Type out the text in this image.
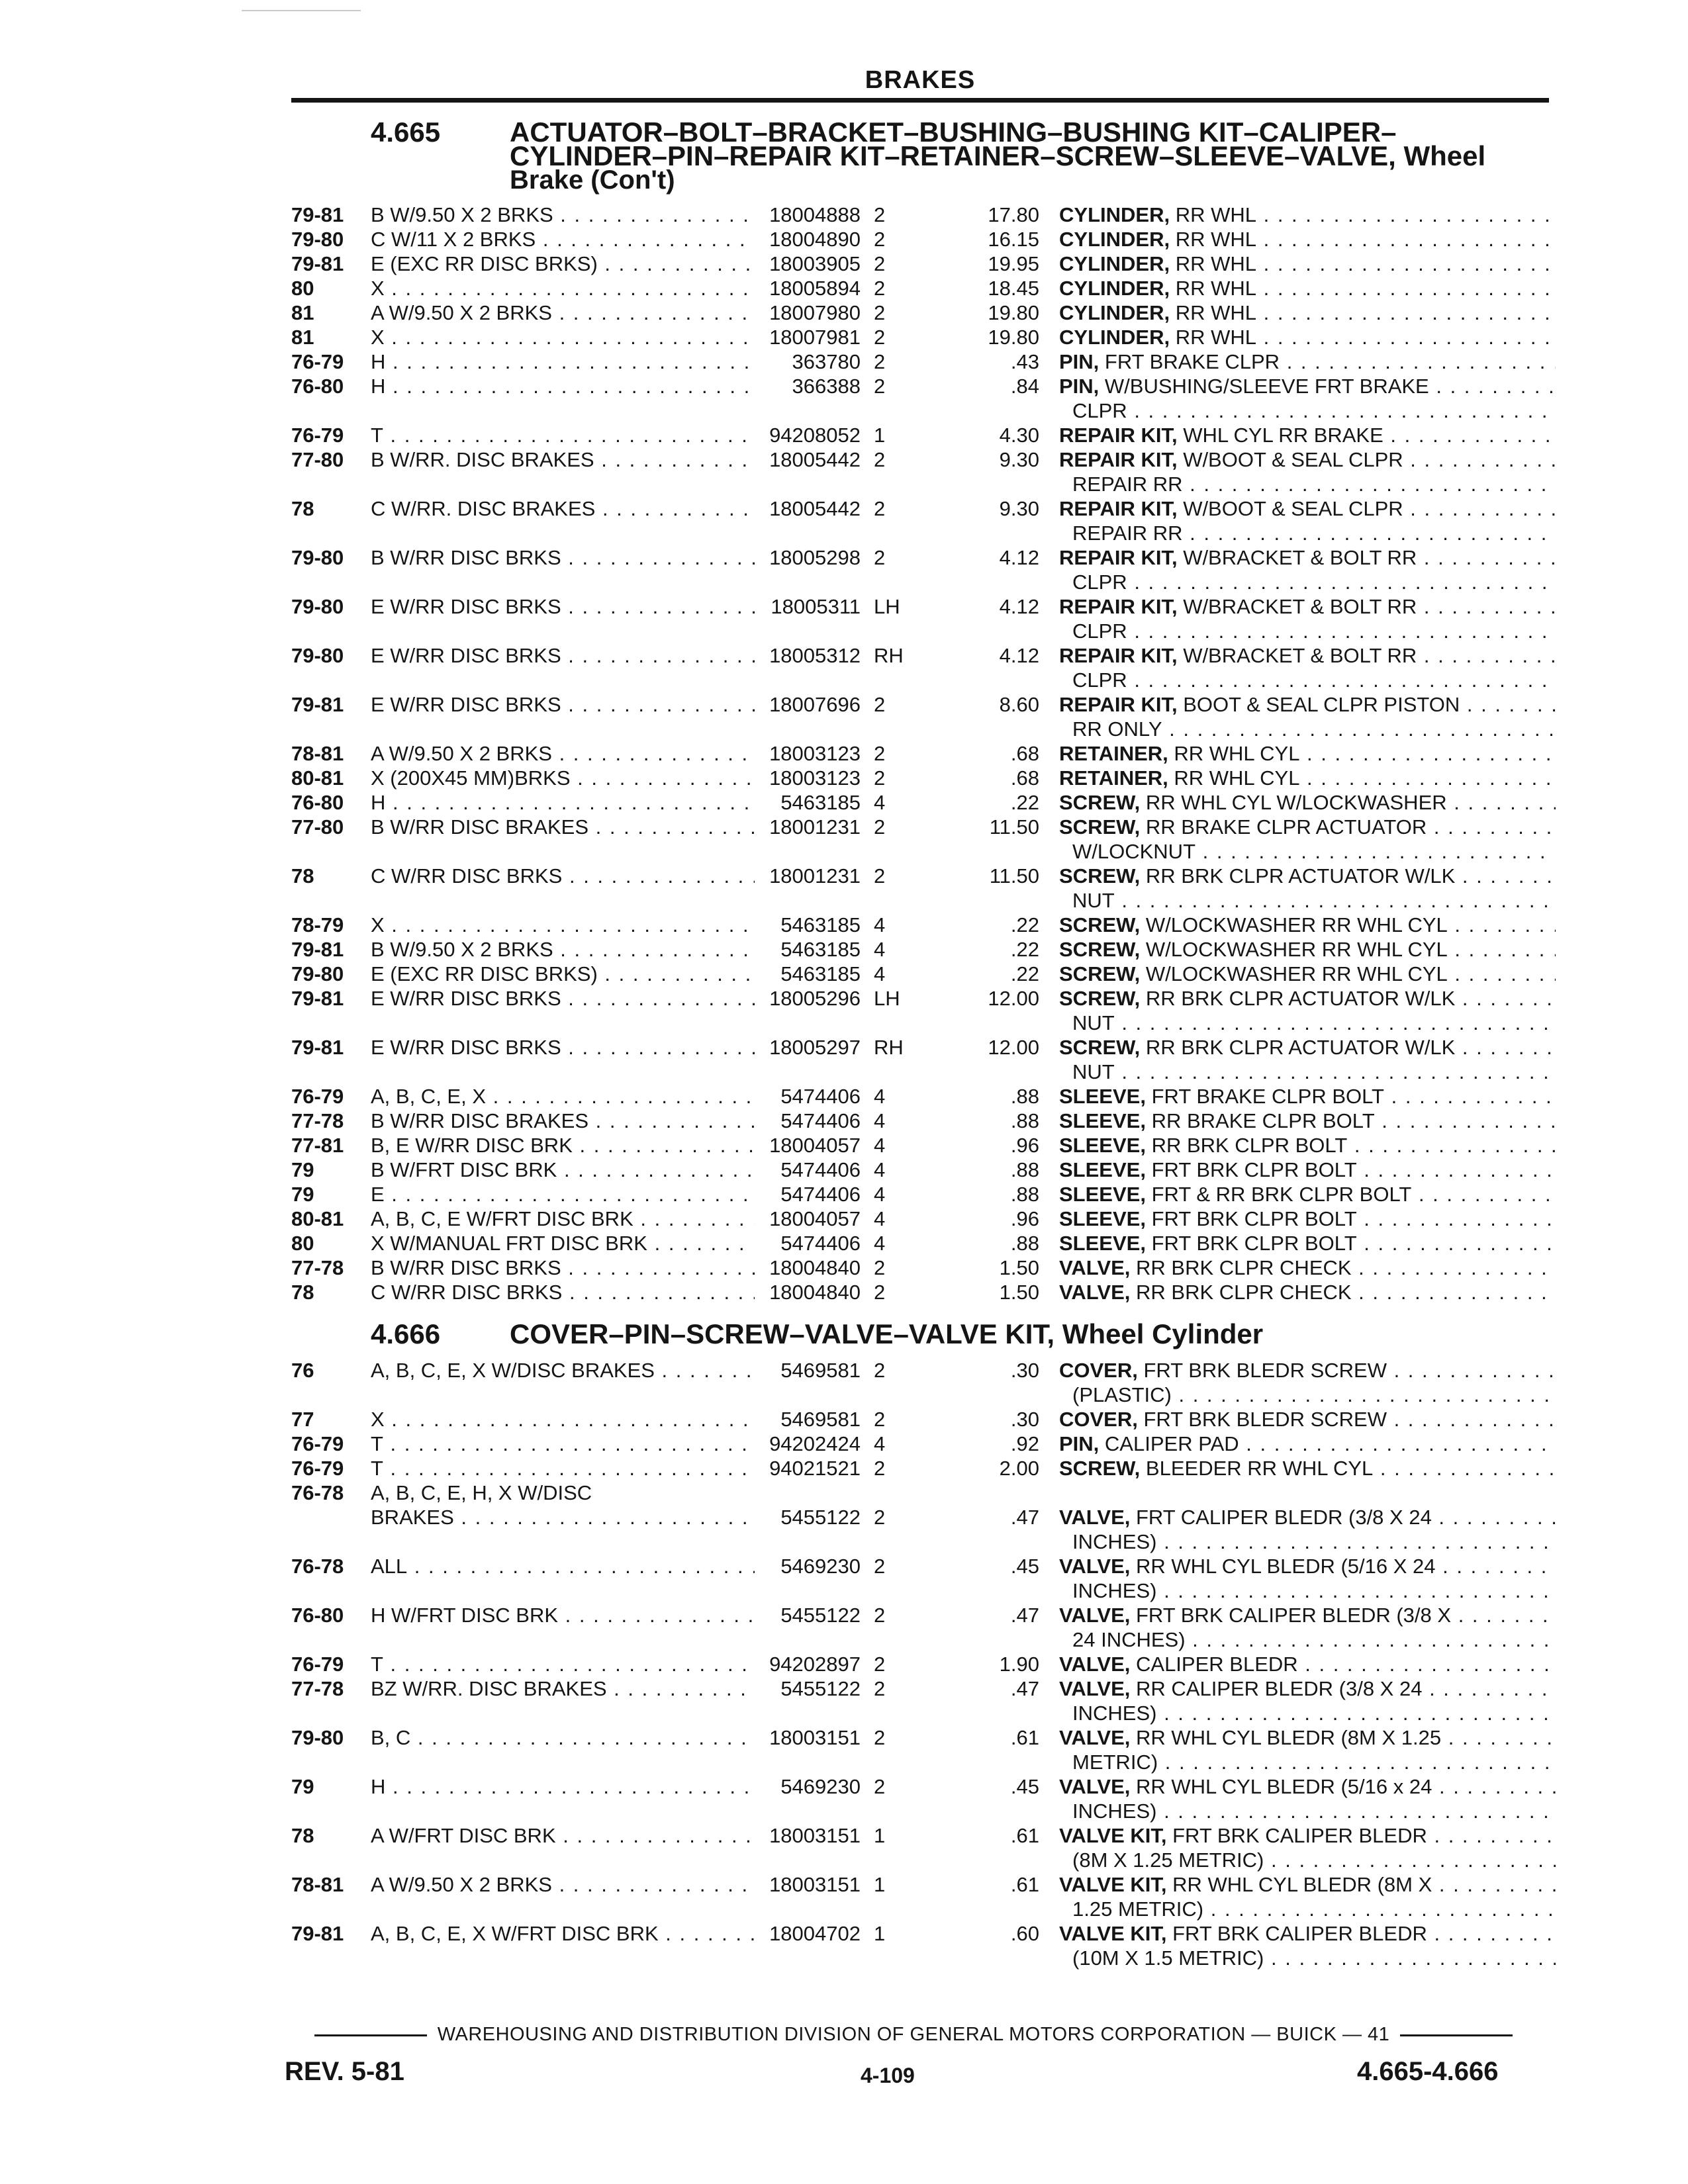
BRAKES
4.665 ACTUATOR–BOLT–BRACKET–BUSHING–BUSHING KIT–CALIPER–
CYLINDER–PIN–REPAIR KIT–RETAINER–SCREW–SLEEVE–VALVE, Wheel
Brake (Con't)
79-81	B W/9.50 X 2 BRKS . . .	18004888 2	17.80 CYLINDER, RR WHL . . .
79-80	C W/11 X 2 BRKS . . .	18004890 2	16.15 CYLINDER, RR WHL . . .
79-81	E (EXC RR DISC BRKS) . . .	18003905 2	19.95 CYLINDER, RR WHL . . .
80	X . . .	18005894 2	18.45 CYLINDER, RR WHL . . .
81	A W/9.50 X 2 BRKS . . .	18007980 2	19.80 CYLINDER, RR WHL . . .
81	X . . .	18007981 2	19.80 CYLINDER, RR WHL . . .
76-79	H . . .	363780 2	.43 PIN, FRT BRAKE CLPR . . .
76-80	H . . .	366388 2	.84 PIN, W/BUSHING/SLEEVE FRT BRAKE . . .
CLPR . . .
76-79	T . . .	94208052 1	4.30 REPAIR KIT, WHL CYL RR BRAKE . . .
77-80	B W/RR. DISC BRAKES . . .	18005442 2	9.30 REPAIR KIT, W/BOOT & SEAL CLPR . . .
REPAIR RR . . .
78	C W/RR. DISC BRAKES . . .	18005442 2	9.30 REPAIR KIT, W/BOOT & SEAL CLPR . . .
REPAIR RR . . .
79-80	B W/RR DISC BRKS . . .	18005298 2	4.12 REPAIR KIT, W/BRACKET & BOLT RR . . .
CLPR . . .
79-80	E W/RR DISC BRKS . . .	18005311 LH	4.12 REPAIR KIT, W/BRACKET & BOLT RR . . .
CLPR . . .
79-80	E W/RR DISC BRKS . . .	18005312 RH	4.12 REPAIR KIT, W/BRACKET & BOLT RR . . .
CLPR . . .
79-81	E W/RR DISC BRKS . . .	18007696 2	8.60 REPAIR KIT, BOOT & SEAL CLPR PISTON . . .
RR ONLY . . .
78-81	A W/9.50 X 2 BRKS . . .	18003123 2	.68 RETAINER, RR WHL CYL . . .
80-81	X (200X45 MM)BRKS . . .	18003123 2	.68 RETAINER, RR WHL CYL . . .
76-80	H . . .	5463185 4	.22 SCREW, RR WHL CYL W/LOCKWASHER . . .
77-80	B W/RR DISC BRAKES . . .	18001231 2	11.50 SCREW, RR BRAKE CLPR ACTUATOR . . .
W/LOCKNUT . . .
78	C W/RR DISC BRKS . . .	18001231 2	11.50 SCREW, RR BRK CLPR ACTUATOR W/LK . . .
NUT . . .
78-79	X . . .	5463185 4	.22 SCREW, W/LOCKWASHER RR WHL CYL . . .
79-81	B W/9.50 X 2 BRKS . . .	5463185 4	.22 SCREW, W/LOCKWASHER RR WHL CYL . . .
79-80	E (EXC RR DISC BRKS) . . .	5463185 4	.22 SCREW, W/LOCKWASHER RR WHL CYL . . .
79-81	E W/RR DISC BRKS . . .	18005296 LH	12.00 SCREW, RR BRK CLPR ACTUATOR W/LK . . .
NUT . . .
79-81	E W/RR DISC BRKS . . .	18005297 RH	12.00 SCREW, RR BRK CLPR ACTUATOR W/LK . . .
NUT . . .
76-79	A, B, C, E, X . . .	5474406 4	.88 SLEEVE, FRT BRAKE CLPR BOLT . . .
77-78	B W/RR DISC BRAKES . . .	5474406 4	.88 SLEEVE, RR BRAKE CLPR BOLT . . .
77-81	B, E W/RR DISC BRK . . .	18004057 4	.96 SLEEVE, RR BRK CLPR BOLT . . .
79	B W/FRT DISC BRK . . .	5474406 4	.88 SLEEVE, FRT BRK CLPR BOLT . . .
79	E . . .	5474406 4	.88 SLEEVE, FRT & RR BRK CLPR BOLT . . .
80-81	A, B, C, E W/FRT DISC BRK . . .	18004057 4	.96 SLEEVE, FRT BRK CLPR BOLT . . .
80	X W/MANUAL FRT DISC BRK . . .	5474406 4	.88 SLEEVE, FRT BRK CLPR BOLT . . .
77-78	B W/RR DISC BRKS . . .	18004840 2	1.50 VALVE, RR BRK CLPR CHECK . . .
78	C W/RR DISC BRKS . . .	18004840 2	1.50 VALVE, RR BRK CLPR CHECK . . .
4.666 COVER–PIN–SCREW–VALVE–VALVE KIT, Wheel Cylinder
76	A, B, C, E, X W/DISC BRAKES . . .	5469581 2	.30 COVER, FRT BRK BLEDR SCREW . . .
(PLASTIC) . . .
77	X . . .	5469581 2	.30 COVER, FRT BRK BLEDR SCREW . . .
76-79	T . . .	94202424 4	.92 PIN, CALIPER PAD . . .
76-79	T . . .	94021521 2	2.00 SCREW, BLEEDER RR WHL CYL . . .
76-78	A, B, C, E, H, X W/DISC
BRAKES . . .	5455122 2	.47 VALVE, FRT CALIPER BLEDR (3/8 X 24 . . .
INCHES) . . .
76-78	ALL . . .	5469230 2	.45 VALVE, RR WHL CYL BLEDR (5/16 X 24 . . .
INCHES) . . .
76-80	H W/FRT DISC BRK . . .	5455122 2	.47 VALVE, FRT BRK CALIPER BLEDR (3/8 X . . .
24 INCHES) . . .
76-79	T . . .	94202897 2	1.90 VALVE, CALIPER BLEDR . . .
77-78	BZ W/RR. DISC BRAKES . . .	5455122 2	.47 VALVE, RR CALIPER BLEDR (3/8 X 24 . . .
INCHES) . . .
79-80	B, C . . .	18003151 2	.61 VALVE, RR WHL CYL BLEDR (8M X 1.25 . . .
METRIC) . . .
79	H . . .	5469230 2	.45 VALVE, RR WHL CYL BLEDR (5/16 x 24 . . .
INCHES) . . .
78	A W/FRT DISC BRK . . .	18003151 1	.61 VALVE KIT, FRT BRK CALIPER BLEDR . . .
(8M X 1.25 METRIC) . . .
78-81	A W/9.50 X 2 BRKS . . .	18003151 1	.61 VALVE KIT, RR WHL CYL BLEDR (8M X . . .
1.25 METRIC) . . .
79-81	A, B, C, E, X W/FRT DISC BRK . . .	18004702 1	.60 VALVE KIT, FRT BRK CALIPER BLEDR . . .
(10M X 1.5 METRIC) . . .
WAREHOUSING AND DISTRIBUTION DIVISION OF GENERAL MOTORS CORPORATION — BUICK — 41
REV. 5-81	4-109	4.665-4.666
